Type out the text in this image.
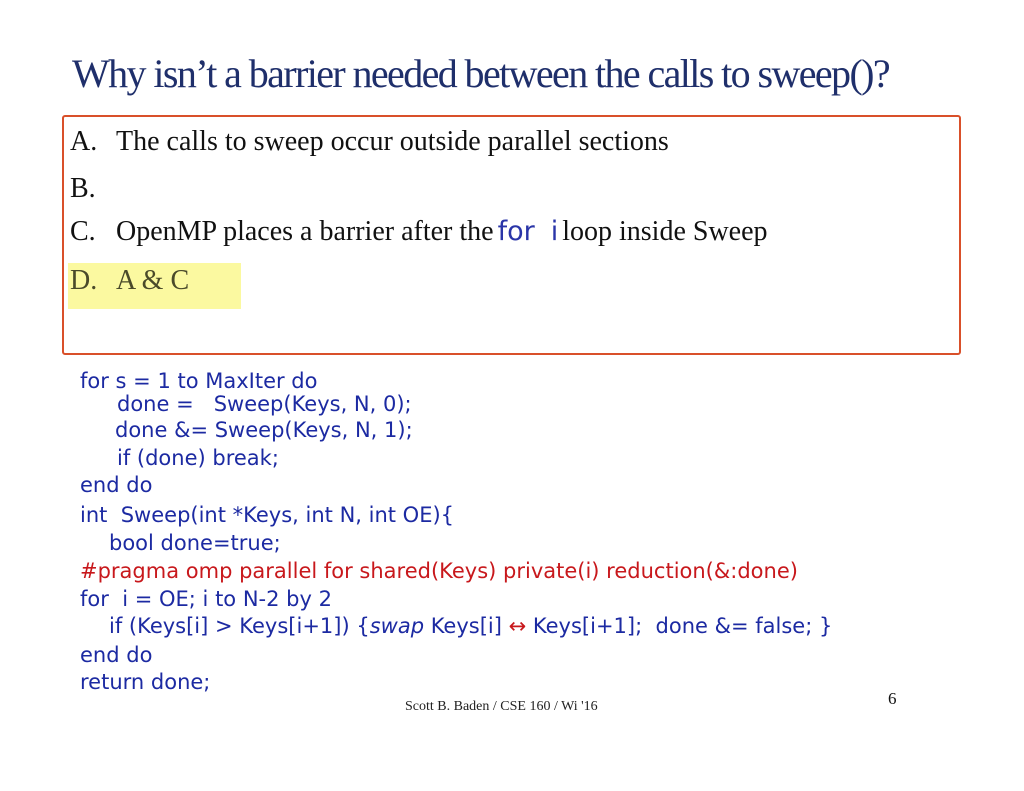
Why isn’t a barrier needed between the calls to sweep()?
A. The calls to sweep occur outside parallel sections
B.
C. OpenMP places a barrier after the for i loop inside Sweep
D. A & C
for s = 1 to MaxIter do
done =   Sweep(Keys, N, 0);
done &= Sweep(Keys, N, 1);
if (done) break;
end do
int  Sweep(int *Keys, int N, int OE){
bool done=true;
#pragma omp parallel for shared(Keys) private(i) reduction(&:done)
for  i = OE; i to N-2 by 2
if (Keys[i] > Keys[i+1]) {swap Keys[i] ↔ Keys[i+1];  done &= false; }
end do
return done;
Scott B. Baden / CSE 160 / Wi '16	6
